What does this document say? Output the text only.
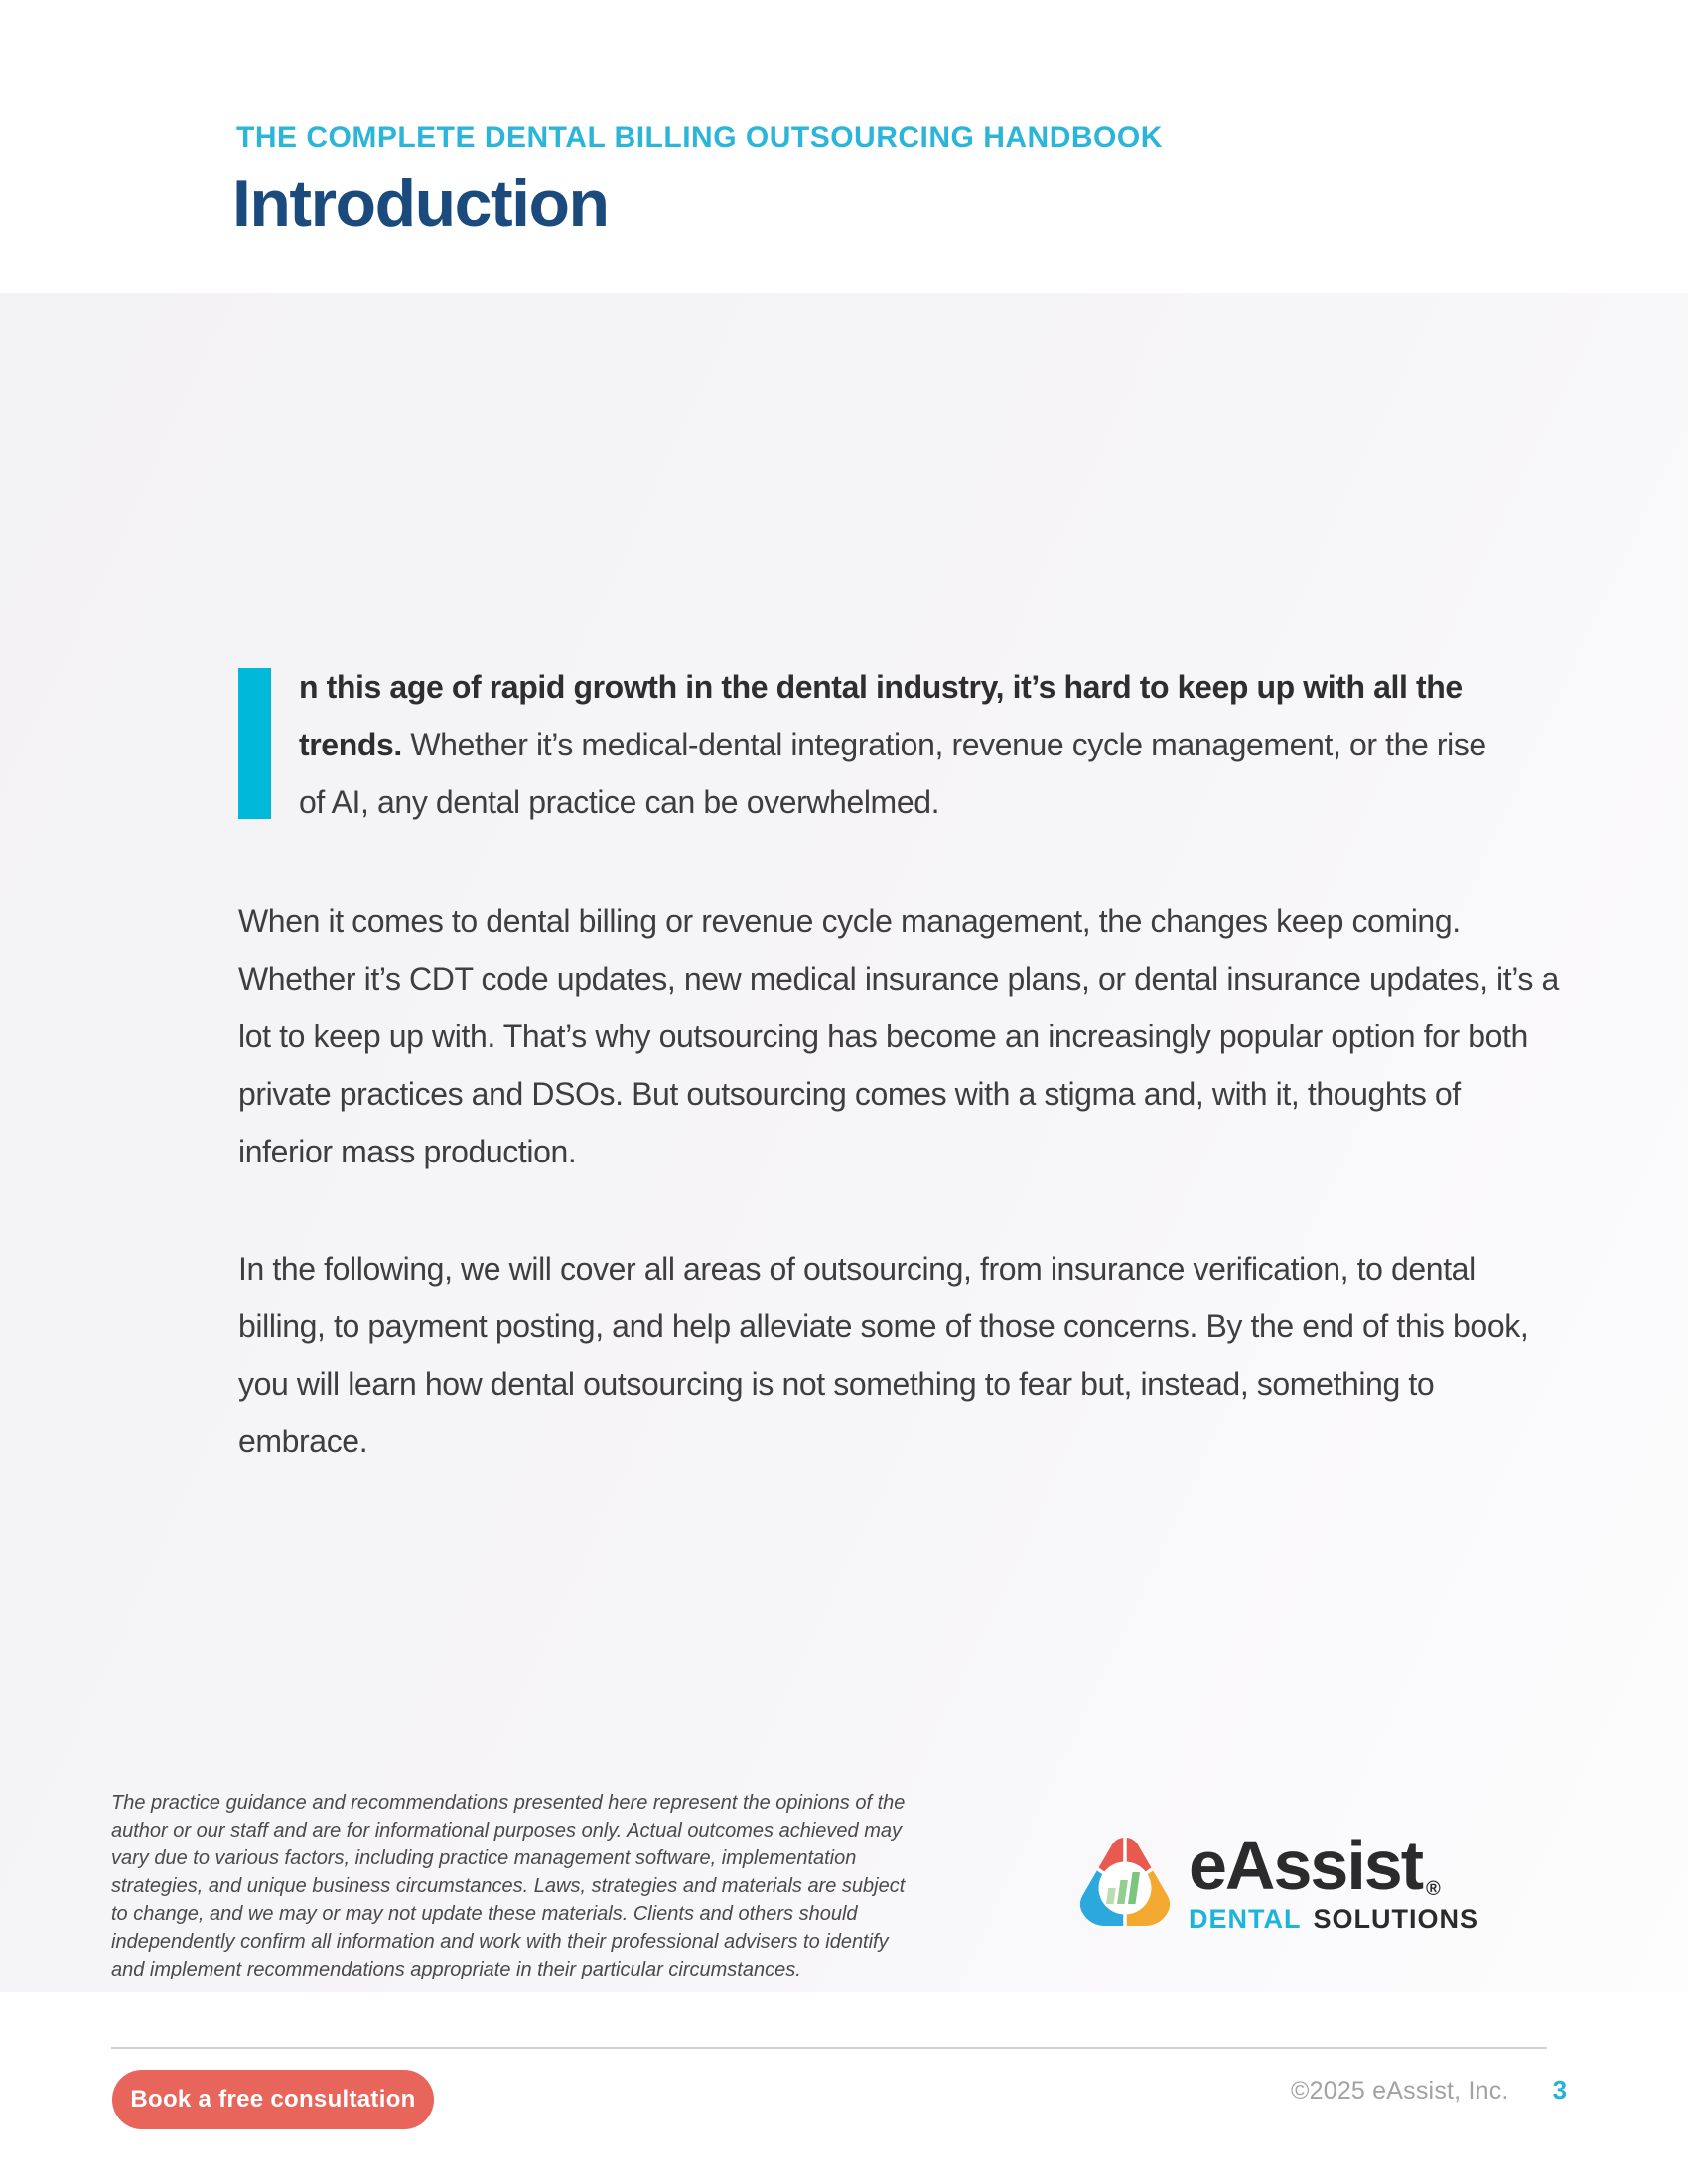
THE COMPLETE DENTAL BILLING OUTSOURCING HANDBOOK
Introduction
n this age of rapid growth in the dental industry, it’s hard to keep up with all the trends. Whether it’s medical-dental integration, revenue cycle management, or the rise of AI, any dental practice can be overwhelmed.

When it comes to dental billing or revenue cycle management, the changes keep coming. Whether it’s CDT code updates, new medical insurance plans, or dental insurance updates, it’s a lot to keep up with. That’s why outsourcing has become an increasingly popular option for both private practices and DSOs. But outsourcing comes with a stigma and, with it, thoughts of inferior mass production.

In the following, we will cover all areas of outsourcing, from insurance verification, to dental billing, to payment posting, and help alleviate some of those concerns. By the end of this book, you will learn how dental outsourcing is not something to fear but, instead, something to embrace.

The practice guidance and recommendations presented here represent the opinions of the author or our staff and are for informational purposes only. Actual outcomes achieved may vary due to various factors, including practice management software, implementation strategies, and unique business circumstances. Laws, strategies and materials are subject to change, and we may or may not update these materials. Clients and others should independently confirm all information and work with their professional advisers to identify and implement recommendations appropriate in their particular circumstances.

eAssist ®
DENTAL SOLUTIONS
Book a free consultation	©2025 eAssist, Inc. 3
